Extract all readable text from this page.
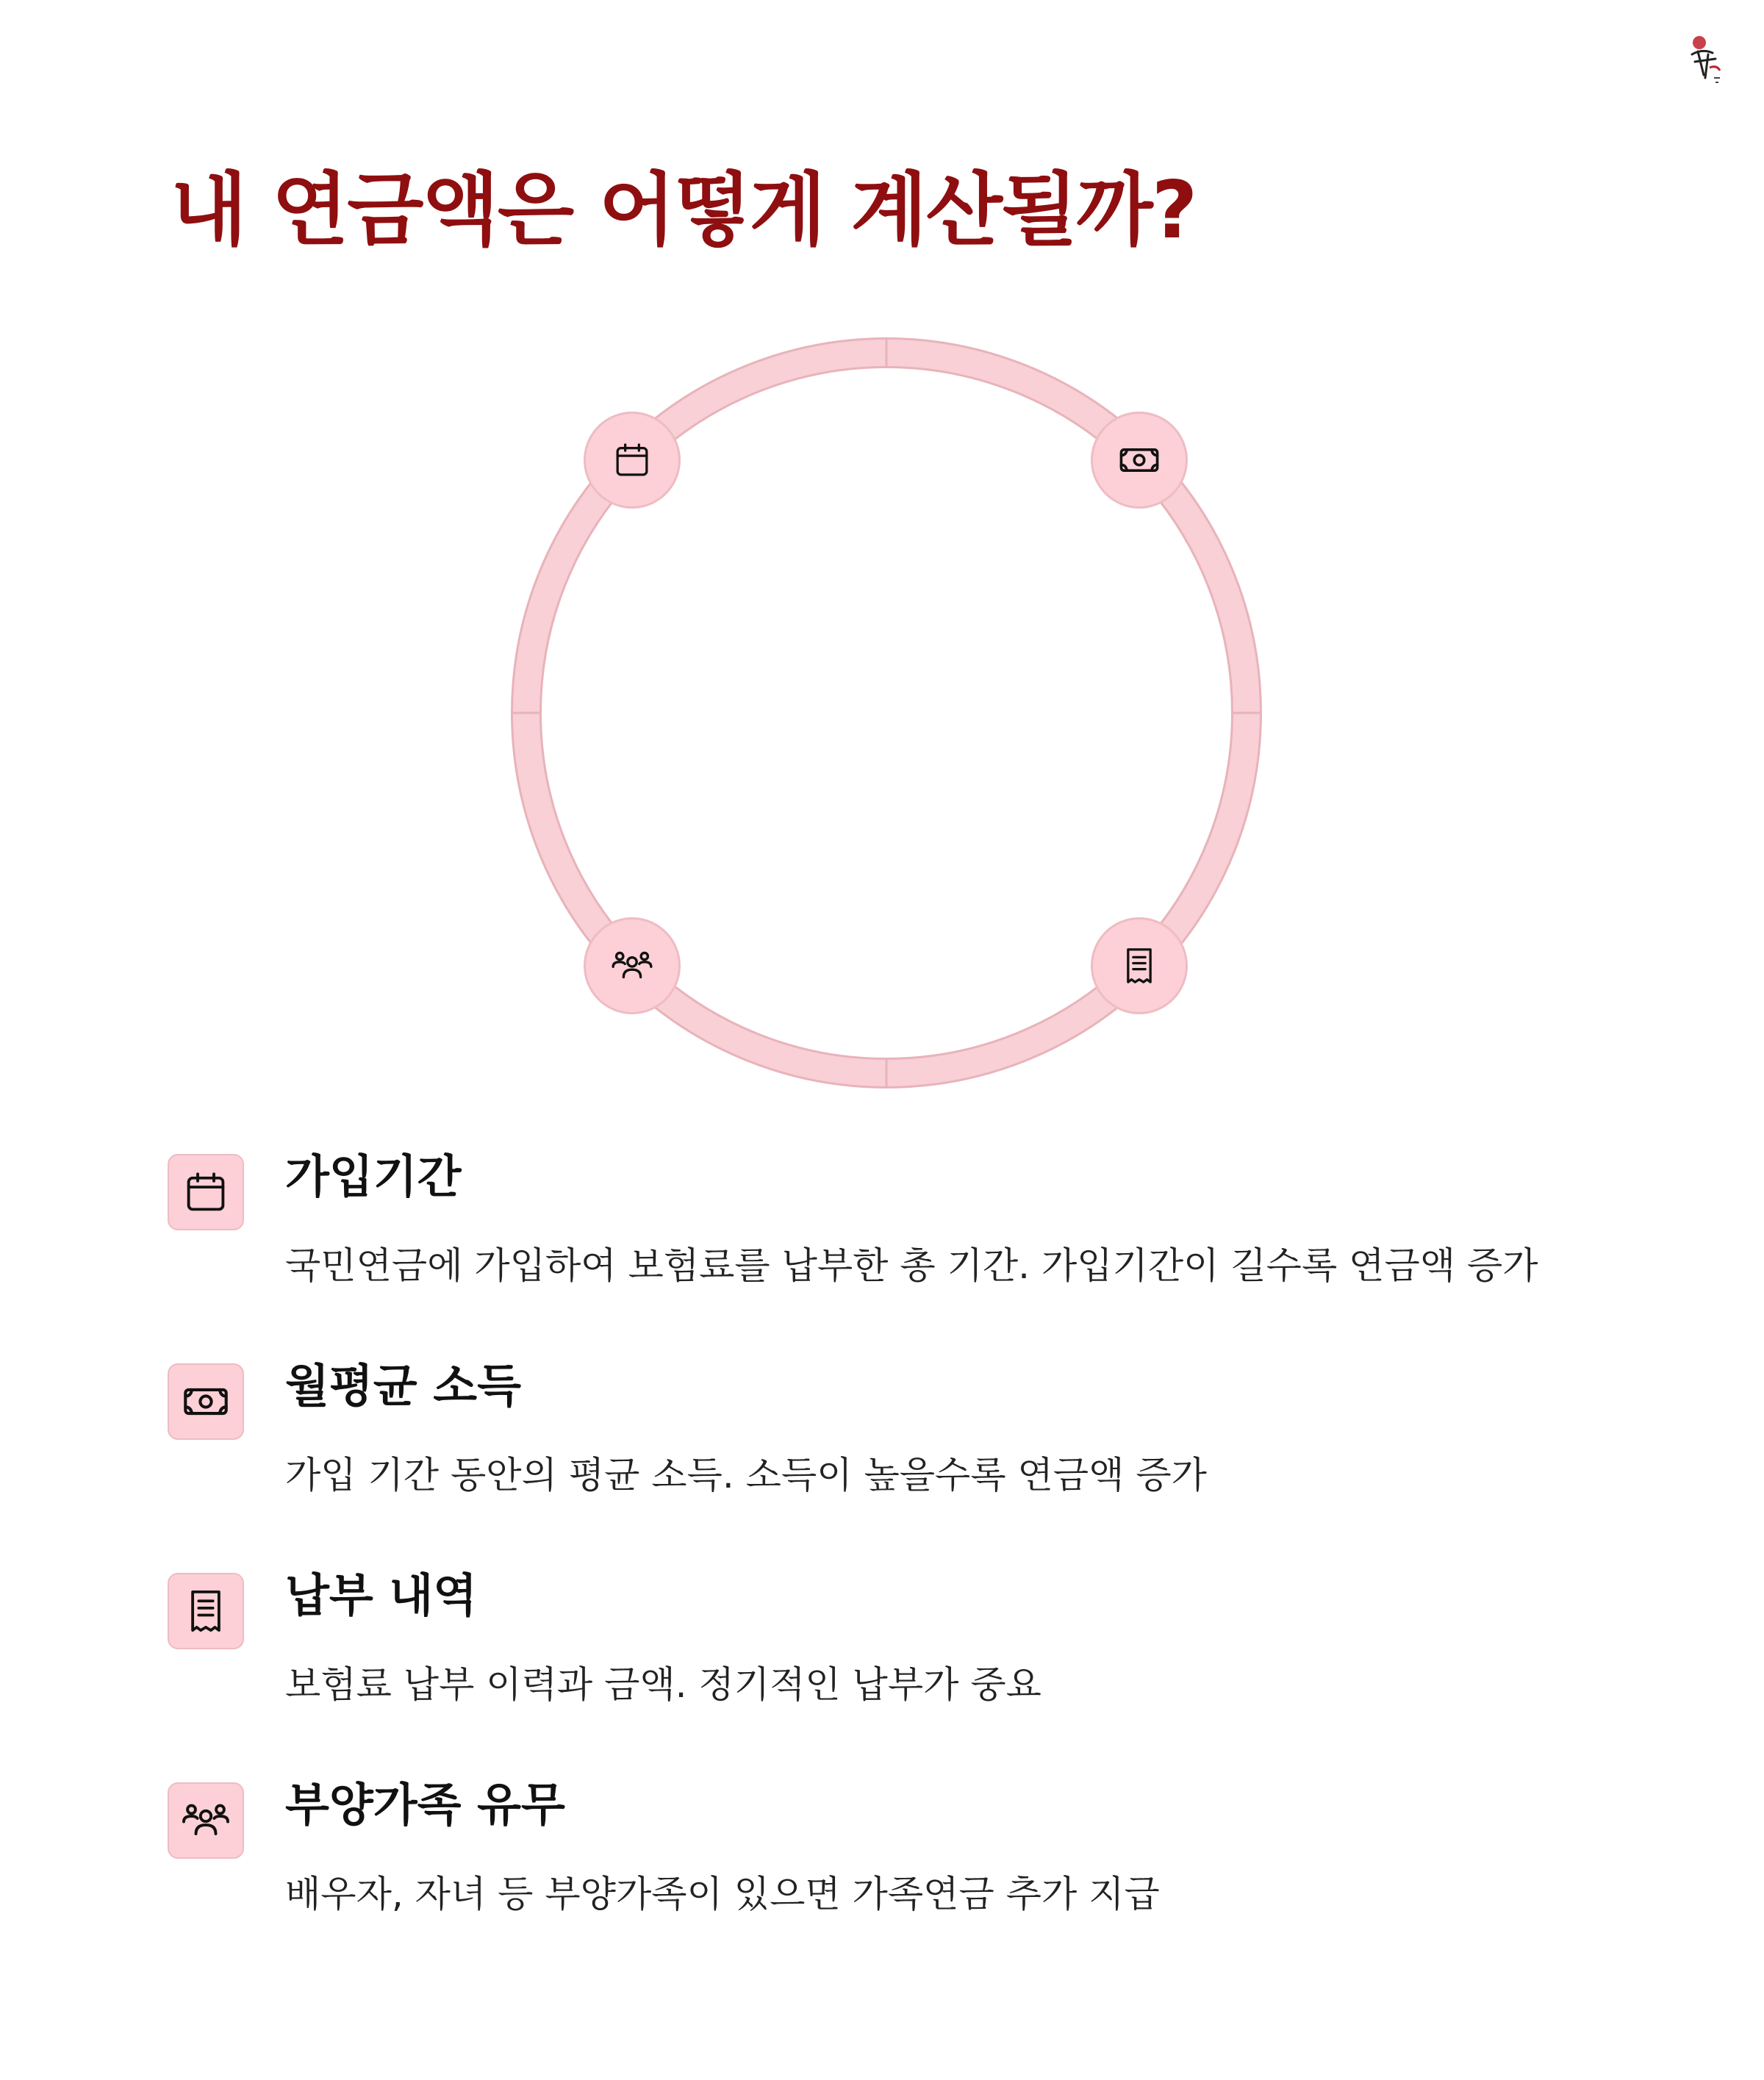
내 연금액은 어떻게 계산될까?
가입기간

국민연금에 가입하여 보험료를 납부한 총 기간. 가입기간이 길수록 연금액 증가

월평균 소득

가입 기간 동안의 평균 소득. 소득이 높을수록 연금액 증가

납부 내역

보험료 납부 이력과 금액. 정기적인 납부가 중요

부양가족 유무

배우자, 자녀 등 부양가족이 있으면 가족연금 추가 지급
